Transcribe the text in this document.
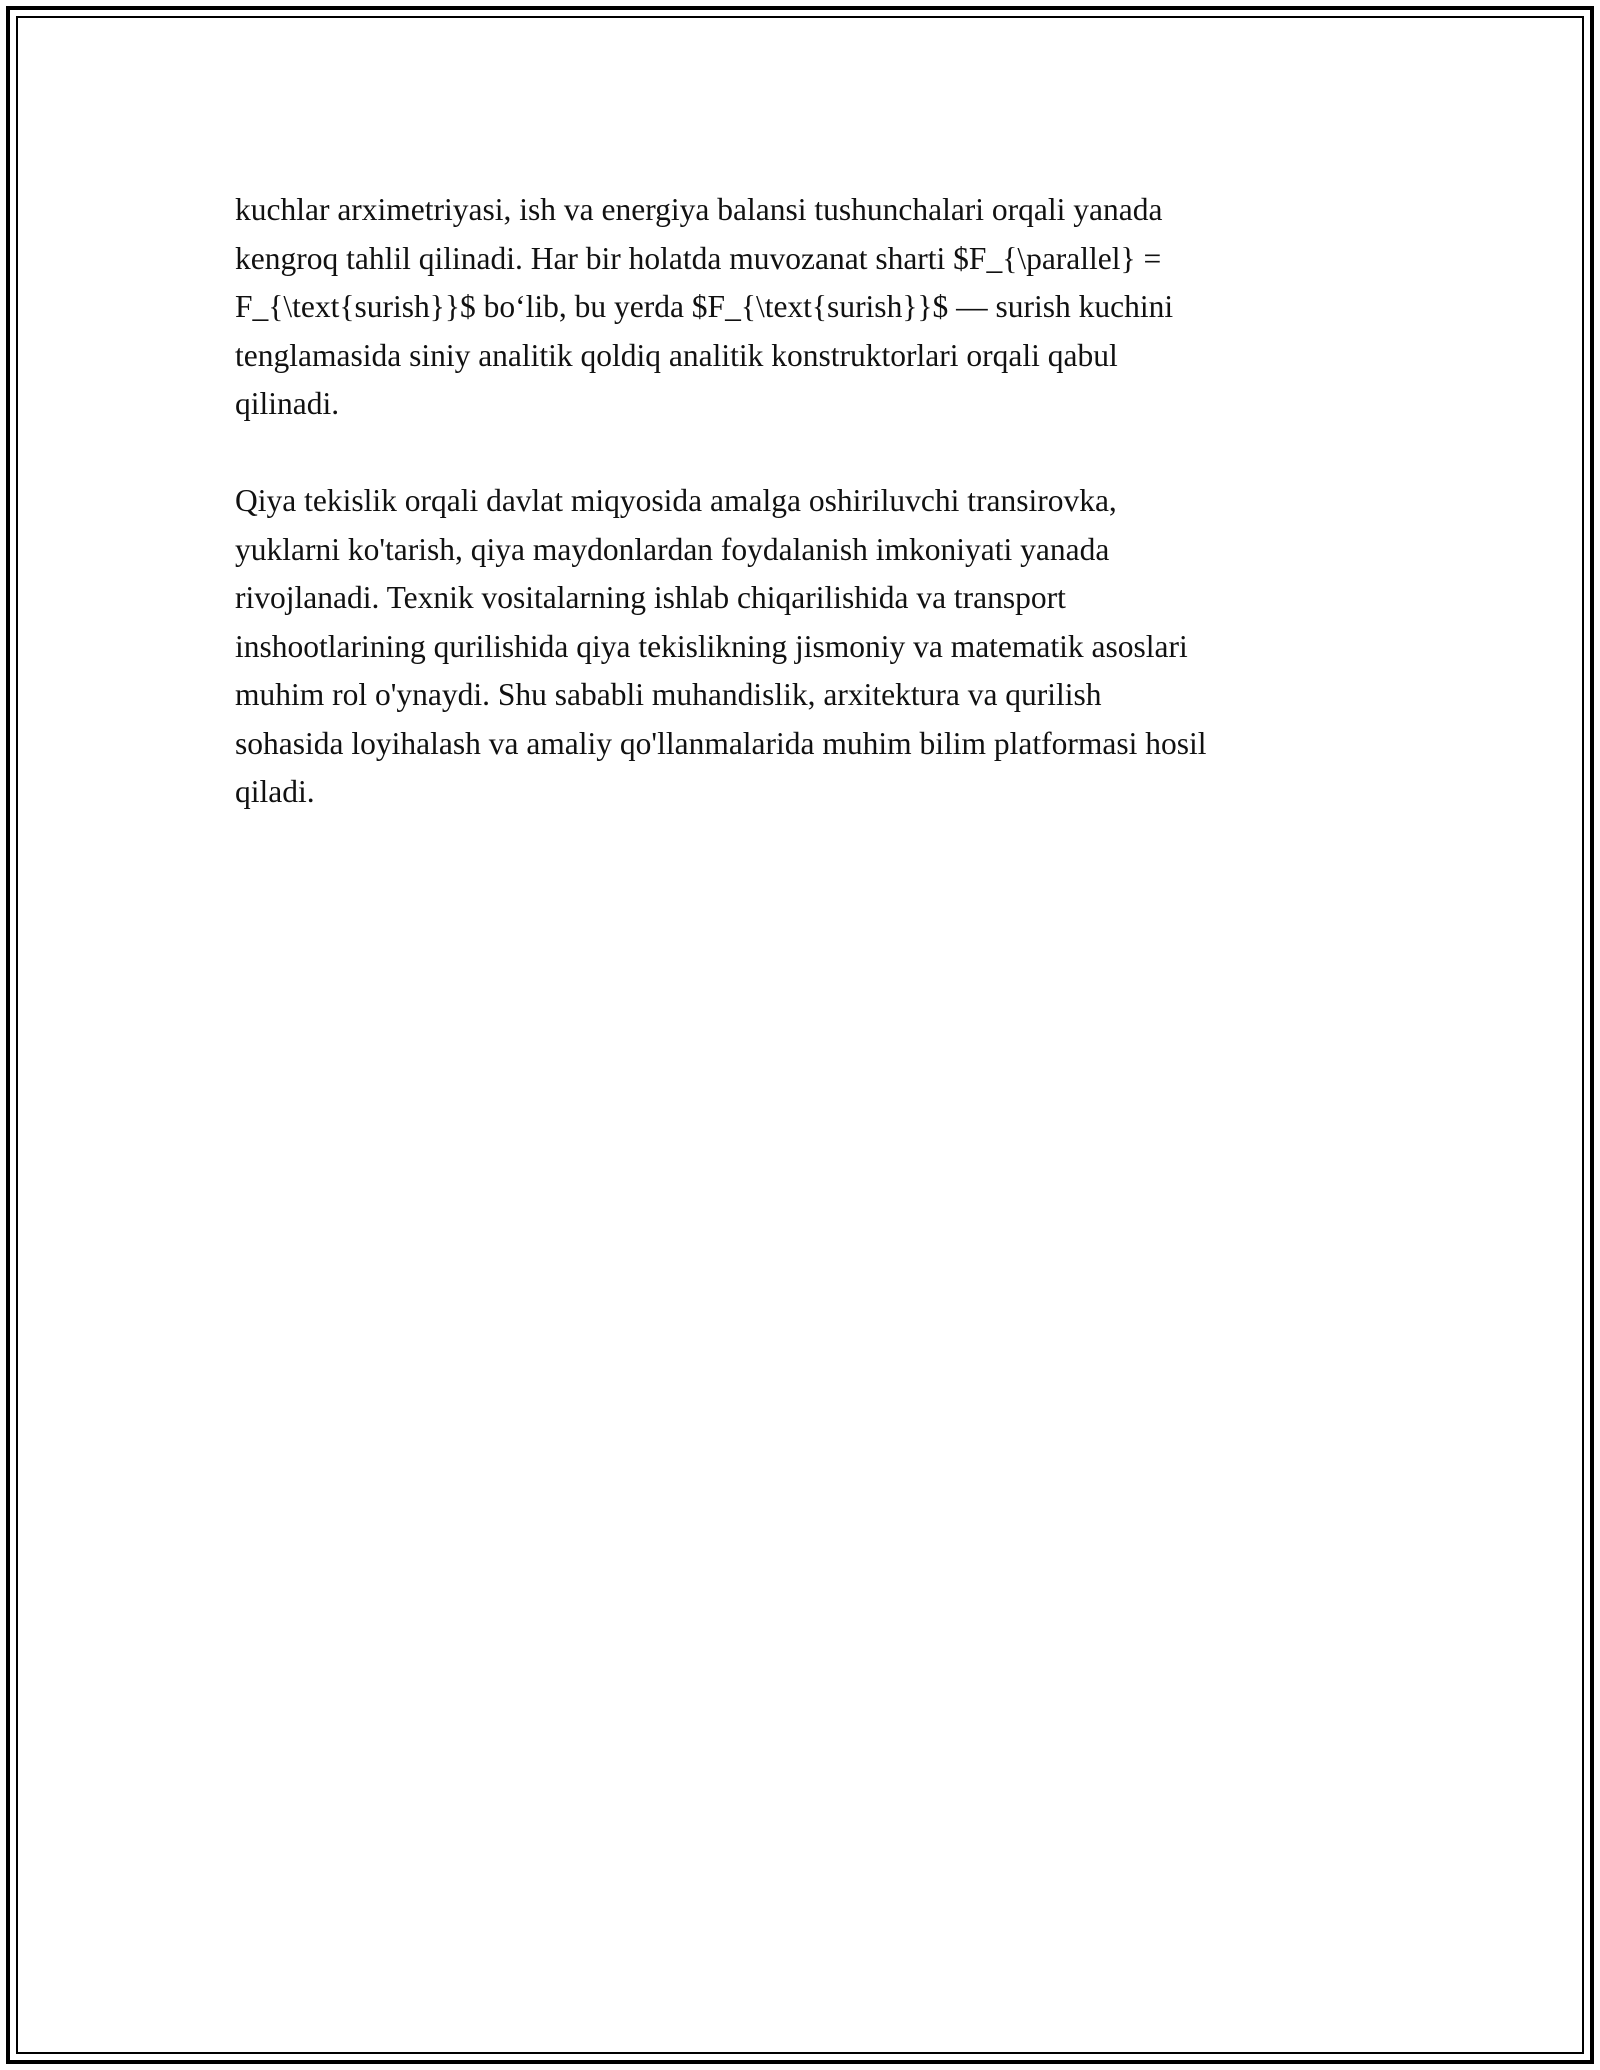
kuchlar arximetriyasi, ish va energiya balansi tushunchalari orqali yanada
kengroq tahlil qilinadi. Har bir holatda muvozanat sharti $F_{\parallel} =
F_{\text{surish}}$ bo‘lib, bu yerda $F_{\text{surish}}$ — surish kuchini
tenglamasida siniy analitik qoldiq analitik konstruktorlari orqali qabul
qilinadi.

Qiya tekislik orqali davlat miqyosida amalga oshiriluvchi transirovka,
yuklarni ko'tarish, qiya maydonlardan foydalanish imkoniyati yanada
rivojlanadi. Texnik vositalarning ishlab chiqarilishida va transport
inshootlarining qurilishida qiya tekislikning jismoniy va matematik asoslari
muhim rol o'ynaydi. Shu sababli muhandislik, arxitektura va qurilish
sohasida loyihalash va amaliy qo'llanmalarida muhim bilim platformasi hosil
qiladi.
